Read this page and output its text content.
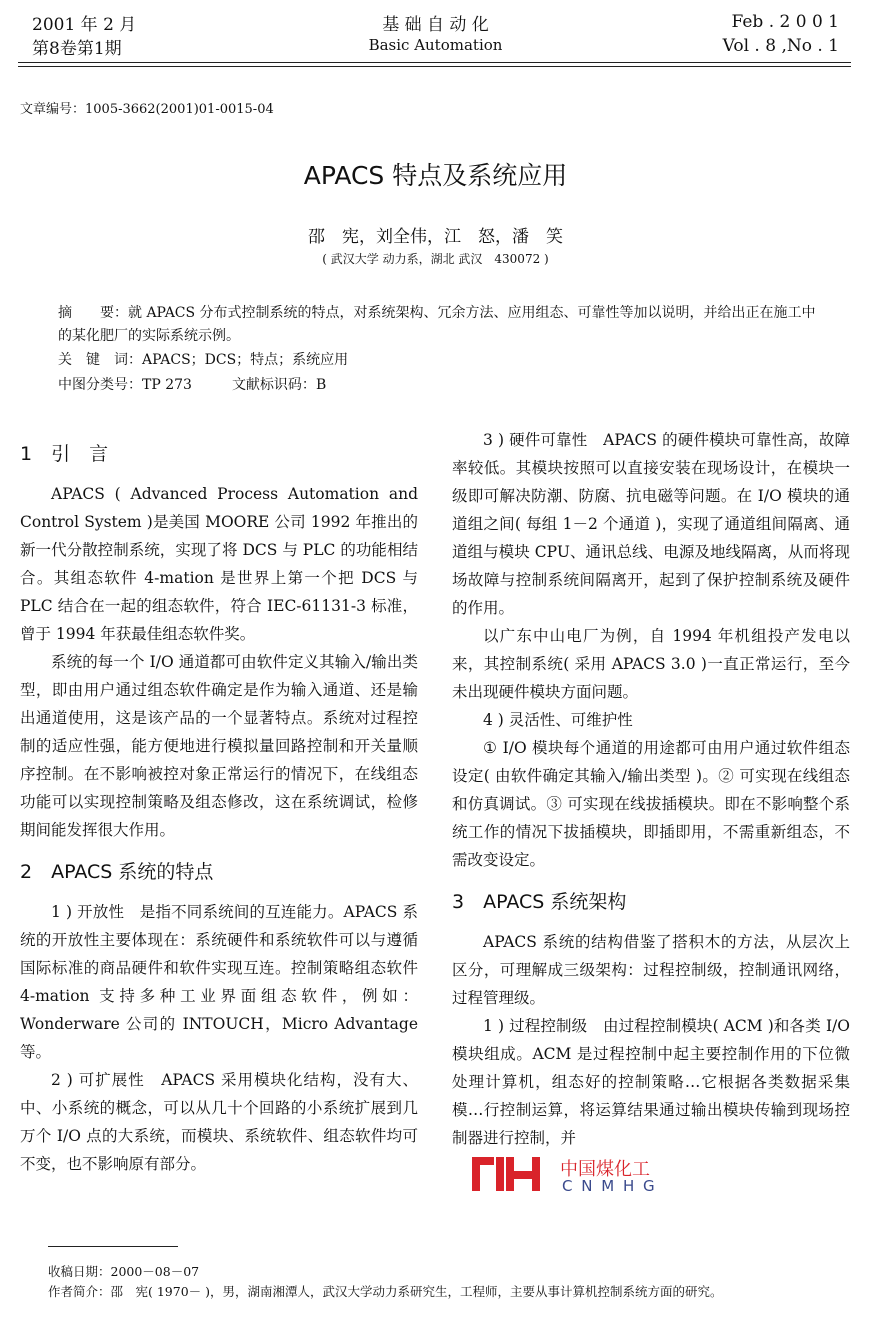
2001 年 2 月
第8卷第1期
基 础 自 动 化
Basic Automation
Feb . 2 0 0 1
Vol . 8 ,No . 1
文章编号：1005-3662(2001)01-0015-04
APACS 特点及系统应用
邵　宪，刘全伟，江　怒，潘　笑
( 武汉大学 动力系，湖北 武汉　430072 )
摘　　要：就 APACS 分布式控制系统的特点，对系统架构、冗余方法、应用组态、可靠性等加以说明，并给出正在施工中的某化肥厂的实际系统示例。
关　键　词：APACS；DCS；特点；系统应用
中图分类号：TP 273	文献标识码：B
1　引　言

APACS ( Advanced Process Automation and Control System )是美国 MOORE 公司 1992 年推出的新一代分散控制系统，实现了将 DCS 与 PLC 的功能相结合。其组态软件 4-mation 是世界上第一个把 DCS 与 PLC 结合在一起的组态软件，符合 IEC-61131-3 标准，曾于 1994 年获最佳组态软件奖。

系统的每一个 I/O 通道都可由软件定义其输入/输出类型，即由用户通过组态软件确定是作为输入通道、还是输出通道使用，这是该产品的一个显著特点。系统对过程控制的适应性强，能方便地进行模拟量回路控制和开关量顺序控制。在不影响被控对象正常运行的情况下，在线组态功能可以实现控制策略及组态修改，这在系统调试，检修期间能发挥很大作用。

2　APACS 系统的特点

1 ) 开放性　是指不同系统间的互连能力。APACS 系统的开放性主要体现在：系统硬件和系统软件可以与遵循国际标准的商品硬件和软件实现互连。控制策略组态软件 4-mation 支持多种工业界面组态软件，例如：Wonderware 公司的 INTOUCH，Micro Advantage 等。

2 ) 可扩展性　APACS 采用模块化结构，没有大、中、小系统的概念，可以从几十个回路的小系统扩展到几万个 I/O 点的大系统，而模块、系统软件、组态软件均可不变，也不影响原有部分。

3 ) 硬件可靠性　APACS 的硬件模块可靠性高，故障率较低。其模块按照可以直接安装在现场设计，在模块一级即可解决防潮、防腐、抗电磁等问题。在 I/O 模块的通道组之间( 每组 1－2 个通道 )，实现了通道组间隔离、通道组与模块 CPU、通讯总线、电源及地线隔离，从而将现场故障与控制系统间隔离开，起到了保护控制系统及硬件的作用。

以广东中山电厂为例，自 1994 年机组投产发电以来，其控制系统( 采用 APACS 3.0 )一直正常运行，至今未出现硬件模块方面问题。

4 ) 灵活性、可维护性

① I/O 模块每个通道的用途都可由用户通过软件组态设定( 由软件确定其输入/输出类型 )。② 可实现在线组态和仿真调试。③ 可实现在线拔插模块。即在不影响整个系统工作的情况下拔插模块，即插即用，不需重新组态，不需改变设定。

3　APACS 系统架构

APACS 系统的结构借鉴了搭积木的方法，从层次上区分，可理解成三级架构：过程控制级，控制通讯网络，过程管理级。

1 ) 过程控制级　由过程控制模块( ACM )和各类 I/O 模块组成。ACM 是过程控制中起主要控制作用的下位微处理计算机，组态好的控制策略…它根据各类数据采集模…行控制运算，将运算结果通过输出模块传输到现场控制器进行控制，并

中国煤化工
C N M H G
收稿日期：2000－08－07
作者简介：邵　宪( 1970－ )，男，湖南湘潭人，武汉大学动力系研究生，工程师，主要从事计算机控制系统方面的研究。
